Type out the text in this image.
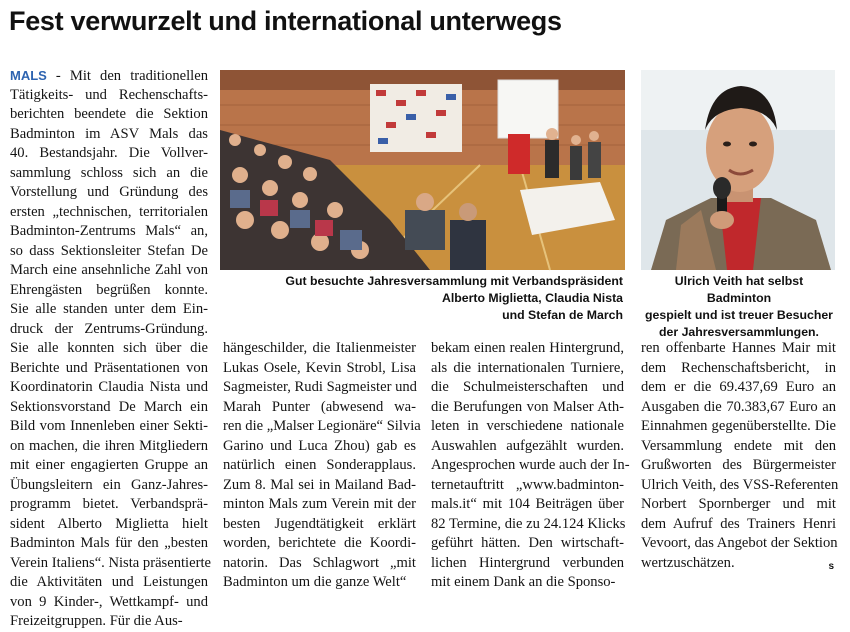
Fest verwurzelt und international unterwegs
MALS - Mit den traditionellen
Tätigkeits- und Rechenschafts-
berichten beendete die Sektion
Badminton im ASV Mals das
40. Bestandsjahr. Die Vollver-
sammlung schloss sich an die
Vorstellung und Gründung des
ersten „technischen, territorialen
Badminton-Zentrums Mals“ an,
so dass Sektionsleiter Stefan De
March eine ansehnliche Zahl von
Ehrengästen begrüßen konnte.
Sie alle standen unter dem Ein-
druck der Zentrums-Gründung.
Sie alle konnten sich über die
Berichte und Präsentationen von
Koordinatorin Claudia Nista und
Sektionsvorstand De March ein
Bild vom Innenleben einer Sekti-
on machen, die ihren Mitgliedern
mit einer engagierten Gruppe an
Übungsleitern ein Ganz-Jahres-
programm bietet. Verbandsprä-
sident Alberto Miglietta hielt
Badminton Mals für den „besten
Verein Italiens“. Nista präsentierte
die Aktivitäten und Leistungen
von 9 Kinder-, Wettkampf- und
Freizeitgruppen. Für die Aus-
Gut besuchte Jahresversammlung mit Verbandspräsident
Alberto Miglietta, Claudia Nista
und Stefan de March
Ulrich Veith hat selbst Badminton
gespielt und ist treuer Besucher
der Jahresversammlungen.
hängeschilder, die Italienmeister
Lukas Osele, Kevin Strobl, Lisa
Sagmeister, Rudi Sagmeister und
Marah Punter (abwesend wa-
ren die „Malser Legionäre“ Silvia
Garino und Luca Zhou) gab es
natürlich einen Sonderapplaus.
Zum 8. Mal sei in Mailand Bad-
minton Mals zum Verein mit der
besten Jugendtätigkeit erklärt
worden, berichtete die Koordi-
natorin. Das Schlagwort „mit
Badminton um die ganze Welt“
bekam einen realen Hintergrund,
als die internationalen Turniere,
die Schulmeisterschaften und
die Berufungen von Malser Ath-
leten in verschiedene nationale
Auswahlen aufgezählt wurden.
Angesprochen wurde auch der In-
ternetauftritt „www.badminton-
mals.it“ mit 104 Beiträgen über
82 Termine, die zu 24.124 Klicks
geführt hätten. Den wirtschaft-
lichen Hintergrund verbunden
mit einem Dank an die Sponso-
ren offenbarte Hannes Mair mit
dem Rechenschaftsbericht, in
dem er die 69.437,69 Euro an
Ausgaben die 70.383,67 Euro an
Einnahmen gegenüberstellte. Die
Versammlung endete mit den
Grußworten des Bürgermeister
Ulrich Veith, des VSS-Referenten
Norbert Spornberger und mit
dem Aufruf des Trainers Henri
Vevoort, das Angebot der Sektion
wertzuschätzen.	s
